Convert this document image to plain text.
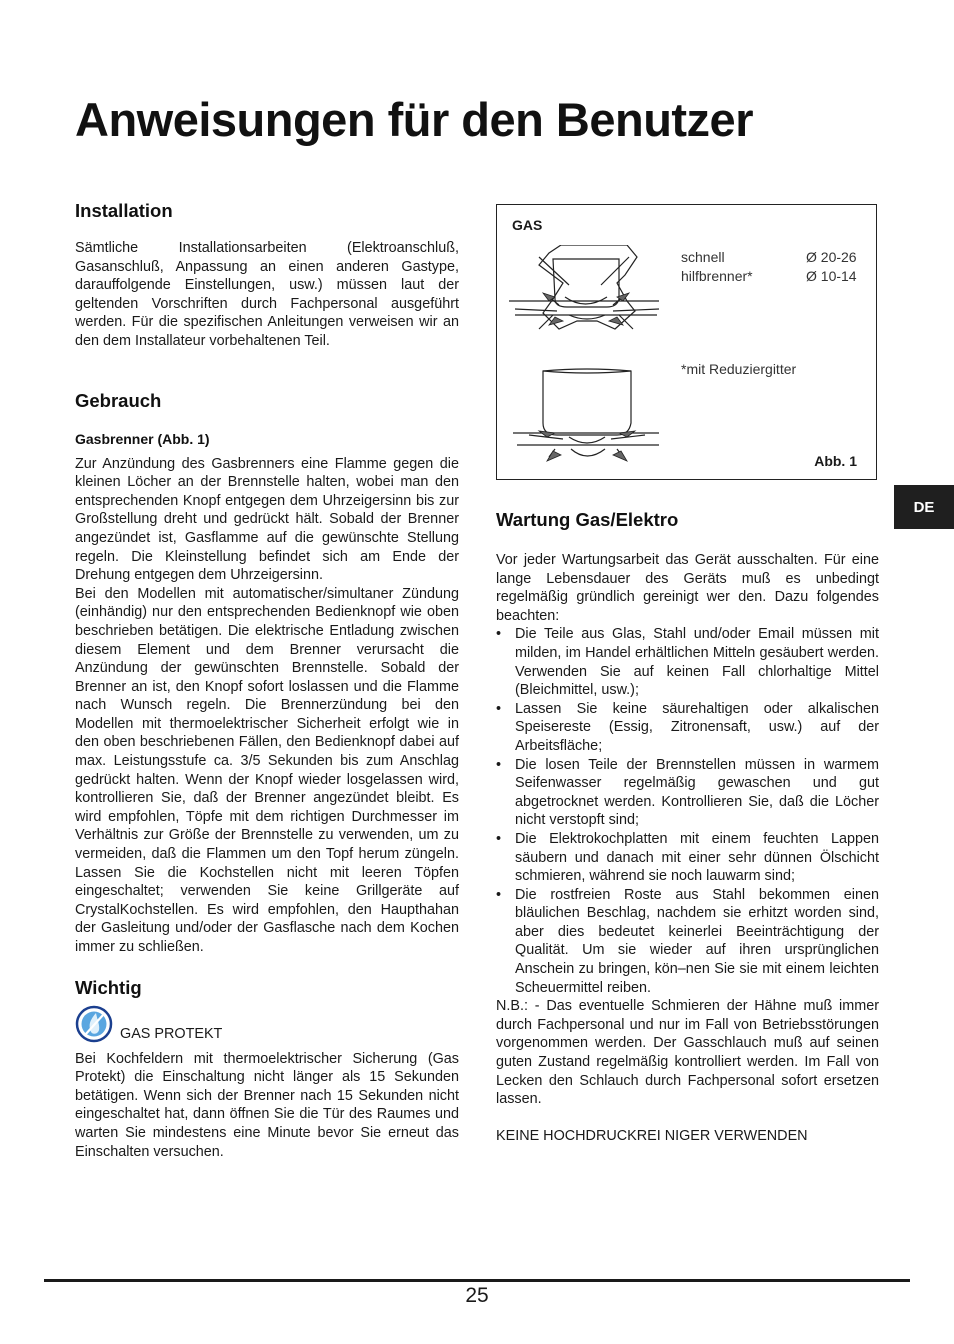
Anweisungen für den Benutzer
Installation

Sämtliche Installationsarbeiten (Elektroanschluß, Gasanschluß, Anpassung an einen anderen Gastype, darauffolgende Einstellungen, usw.) müssen laut der geltenden Vorschriften durch Fachpersonal ausgeführt werden. Für die spezifischen Anleitungen verweisen wir an den dem Installateur vorbehaltenen Teil.

Gebrauch
Gasbrenner (Abb. 1)

Zur Anzündung des Gasbrenners eine Flamme gegen die kleinen Löcher an der Brennstelle halten, wobei man den entsprechenden Knopf entgegen dem Uhrzeigersinn bis zur Großstellung dreht und gedrückt hält. Sobald der Brenner angezündet ist, Gasflamme auf die gewünschte Stellung regeln. Die Kleinstellung befindet sich am Ende der Drehung entgegen dem Uhrzeigersinn.

Bei den Modellen mit automatischer/simultaner Zündung (einhändig) nur den entsprechenden Bedienknopf wie oben beschrieben betätigen. Die elektrische Entladung zwischen diesem Element und dem Brenner verursacht die Anzündung der gewünschten Brennstelle. Sobald der Brenner an ist, den Knopf sofort loslassen und die Flamme nach Wunsch regeln. Die Brennerzündung bei den Modellen mit thermoelektrischer Sicherheit erfolgt wie in den oben beschriebenen Fällen, den Bedienknopf dabei auf max. Leistungsstufe ca. 3/5 Sekunden bis zum Anschlag gedrückt halten. Wenn der Knopf wieder losgelassen wird, kontrollieren Sie, daß der Brenner angezündet bleibt. Es wird empfohlen, Töpfe mit dem richtigen Durchmesser im Verhältnis zur Größe der Brennstelle zu verwenden, um zu vermeiden, daß die Flammen um den Topf herum züngeln. Lassen Sie die Kochstellen nicht mit leeren Töpfen eingeschaltet; verwenden Sie keine Grillgeräte auf CrystalKochstellen. Es wird empfohlen, den Haupthahan der Gasleitung und/oder der Gasflasche nach dem Kochen immer zu schließen.

Wichtig
GAS PROTEKT

Bei Kochfeldern mit thermoelektrischer Sicherung (Gas Protekt) die Einschaltung nicht länger als 15 Sekunden betätigen. Wenn sich der Brenner nach 15 Sekunden nicht eingeschaltet hat, dann öffnen Sie die Tür des Raumes und warten Sie mindestens eine Minute bevor Sie erneut das Einschalten versuchen.

GAS
schnell	Ø 20-26
hilfbrenner*	Ø 10-14
*mit Reduziergitter
Abb. 1
Wartung Gas/Elektro

Vor jeder Wartungsarbeit das Gerät ausschalten. Für eine lange Lebensdauer des Geräts muß es unbedingt regelmäßig gründlich gereinigt wer den. Dazu folgendes beachten:

• Die Teile aus Glas, Stahl und/oder Email müssen mit milden, im Handel erhältlichen Mitteln gesäubert werden. Verwenden Sie auf keinen Fall chlorhaltige Mittel (Bleichmittel, usw.);
• Lassen Sie keine säurehaltigen oder alkalischen Speisereste (Essig, Zitronensaft, usw.) auf der Arbeitsfläche;
• Die losen Teile der Brennstellen müssen in warmem Seifenwasser regelmäßig gewaschen und gut abgetrocknet werden. Kontrollieren Sie, daß die Löcher nicht verstopft sind;
• Die Elektrokochplatten mit einem feuchten Lappen säubern und danach mit einer sehr dünnen Ölschicht schmieren, während sie noch lauwarm sind;
• Die rostfreien Roste aus Stahl bekommen einen bläulichen Beschlag, nachdem sie erhitzt worden sind, aber dies bedeutet keinerlei Beeinträchtigung der Qualität. Um sie wieder auf ihren ursprünglichen Anschein zu bringen, kön–nen Sie sie mit einem leichten Scheuermittel reiben.

N.B.: - Das eventuelle Schmieren der Hähne muß immer durch Fachpersonal und nur im Fall von Betriebsstörungen vorgenommen werden. Der Gasschlauch muß auf seinen guten Zustand regelmäßig kontrolliert werden. Im Fall von Lecken den Schlauch durch Fachpersonal sofort ersetzen lassen.

KEINE HOCHDRUCKREI NIGER VERWENDEN

DE
25
